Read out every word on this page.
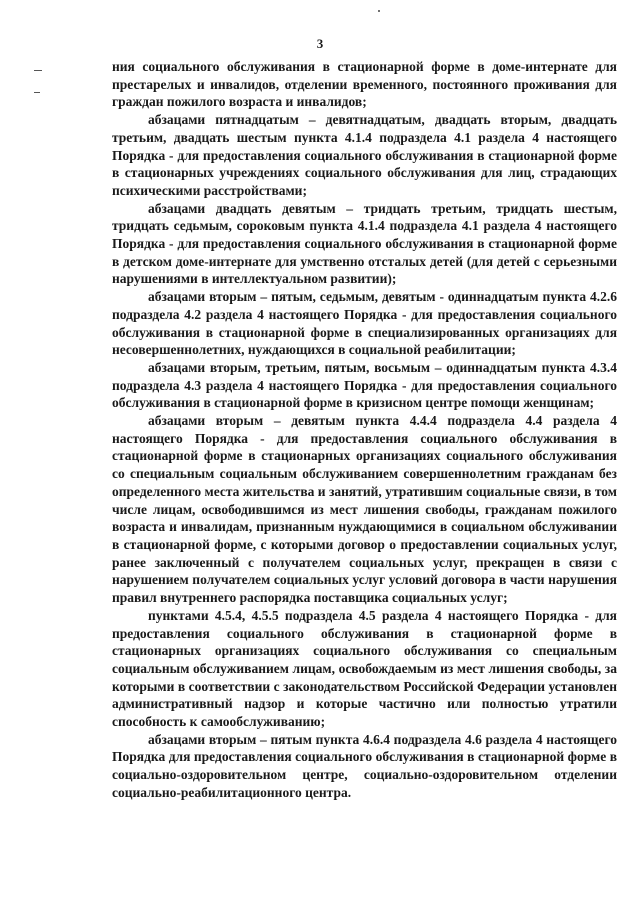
3

ния социального обслуживания в стационарной форме в доме-интернате для престарелых и инвалидов, отделении временного, постоянного проживания для граждан пожилого возраста и инвалидов;

абзацами пятнадцатым – девятнадцатым, двадцать вторым, двадцать третьим, двадцать шестым пункта 4.1.4 подраздела 4.1 раздела 4 настоящего Порядка - для предоставления социального обслуживания в стационарной форме в стационарных учреждениях социального обслуживания для лиц, страдающих психическими расстройствами;

абзацами двадцать девятым – тридцать третьим, тридцать шестым, тридцать седьмым, сороковым пункта 4.1.4 подраздела 4.1 раздела 4 настоящего Порядка - для предоставления социального обслуживания в стационарной форме в детском доме-интернате для умственно отсталых детей (для детей с серьезными нарушениями в интеллектуальном развитии);

абзацами вторым – пятым, седьмым, девятым - одиннадцатым пункта 4.2.6 подраздела 4.2 раздела 4 настоящего Порядка - для предоставления социального обслуживания в стационарной форме в специализированных организациях для несовершеннолетних, нуждающихся в социальной реабилитации;

абзацами вторым, третьим, пятым, восьмым – одиннадцатым пункта 4.3.4 подраздела 4.3 раздела 4 настоящего Порядка - для предоставления социального обслуживания в стационарной форме в кризисном центре помощи женщинам;

абзацами вторым – девятым пункта 4.4.4 подраздела 4.4 раздела 4 настоящего Порядка - для предоставления социального обслуживания в стационарной форме в стационарных организациях социального обслуживания со специальным социальным обслуживанием совершеннолетним гражданам без определенного места жительства и занятий, утратившим социальные связи, в том числе лицам, освободившимся из мест лишения свободы, гражданам пожилого возраста и инвалидам, признанным нуждающимися в социальном обслуживании в стационарной форме, с которыми договор о предоставлении социальных услуг, ранее заключенный с получателем социальных услуг, прекращен в связи с нарушением получателем социальных услуг условий договора в части нарушения правил внутреннего распорядка поставщика социальных услуг;

пунктами 4.5.4, 4.5.5 подраздела 4.5 раздела 4 настоящего Порядка - для предоставления социального обслуживания в стационарной форме в стационарных организациях социального обслуживания со специальным социальным обслуживанием лицам, освобождаемым из мест лишения свободы, за которыми в соответствии с законодательством Российской Федерации установлен административный надзор и которые частично или полностью утратили способность к самообслуживанию;

абзацами вторым – пятым пункта 4.6.4 подраздела 4.6 раздела 4 настоящего Порядка для предоставления социального обслуживания в стационарной форме в социально-оздоровительном центре, социально-оздоровительном отделении социально-реабилитационного центра.
